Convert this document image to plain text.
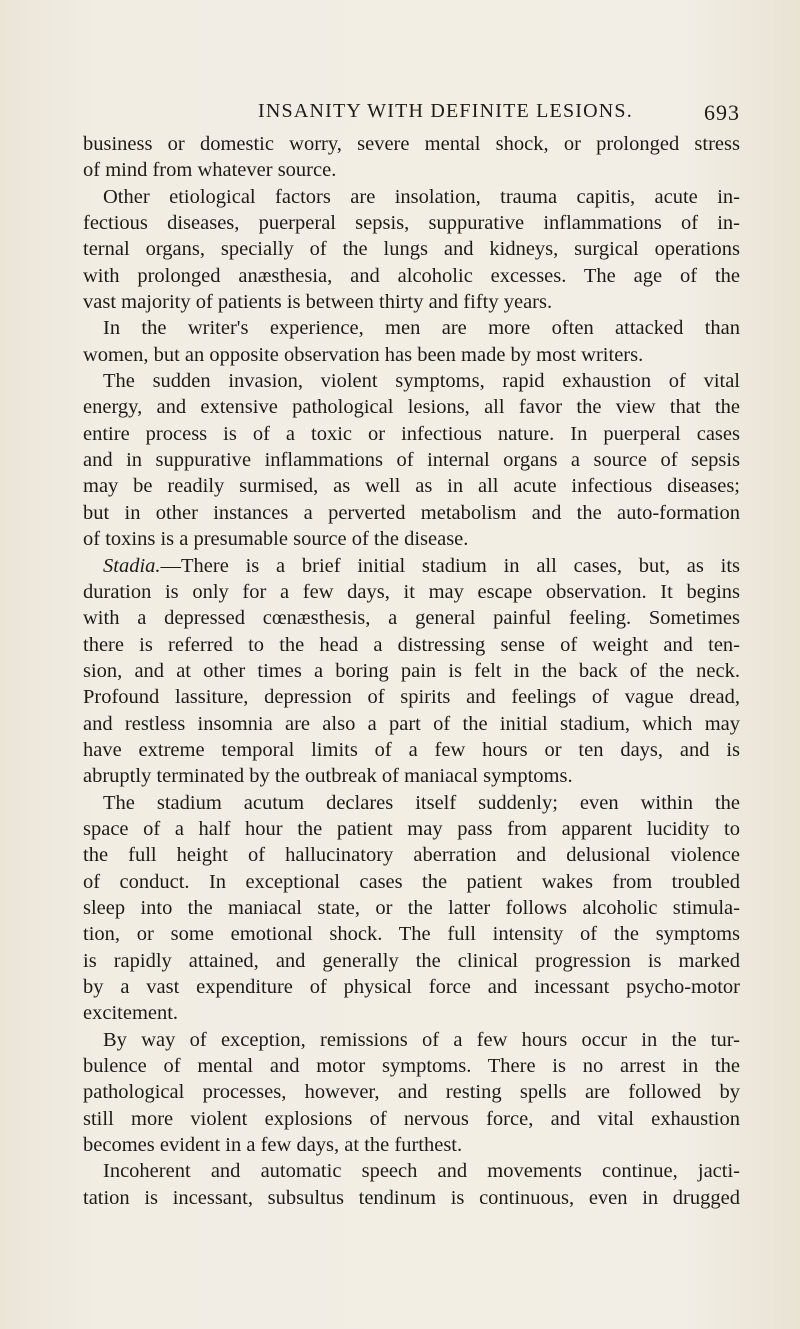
INSANITY WITH DEFINITE LESIONS.	693
business or domestic worry, severe mental shock, or prolonged stress
of mind from whatever source.
Other etiological factors are insolation, trauma capitis, acute in-
fectious diseases, puerperal sepsis, suppurative inflammations of in-
ternal organs, specially of the lungs and kidneys, surgical operations
with prolonged anæsthesia, and alcoholic excesses. The age of the
vast majority of patients is between thirty and fifty years.
In the writer's experience, men are more often attacked than
women, but an opposite observation has been made by most writers.
The sudden invasion, violent symptoms, rapid exhaustion of vital
energy, and extensive pathological lesions, all favor the view that the
entire process is of a toxic or infectious nature. In puerperal cases
and in suppurative inflammations of internal organs a source of sepsis
may be readily surmised, as well as in all acute infectious diseases;
but in other instances a perverted metabolism and the auto-formation
of toxins is a presumable source of the disease.
Stadia.—There is a brief initial stadium in all cases, but, as its
duration is only for a few days, it may escape observation. It begins
with a depressed cœnæsthesis, a general painful feeling. Sometimes
there is referred to the head a distressing sense of weight and ten-
sion, and at other times a boring pain is felt in the back of the neck.
Profound lassiture, depression of spirits and feelings of vague dread,
and restless insomnia are also a part of the initial stadium, which may
have extreme temporal limits of a few hours or ten days, and is
abruptly terminated by the outbreak of maniacal symptoms.
The stadium acutum declares itself suddenly; even within the
space of a half hour the patient may pass from apparent lucidity to
the full height of hallucinatory aberration and delusional violence
of conduct. In exceptional cases the patient wakes from troubled
sleep into the maniacal state, or the latter follows alcoholic stimula-
tion, or some emotional shock. The full intensity of the symptoms
is rapidly attained, and generally the clinical progression is marked
by a vast expenditure of physical force and incessant psycho-motor
excitement.
By way of exception, remissions of a few hours occur in the tur-
bulence of mental and motor symptoms. There is no arrest in the
pathological processes, however, and resting spells are followed by
still more violent explosions of nervous force, and vital exhaustion
becomes evident in a few days, at the furthest.
Incoherent and automatic speech and movements continue, jacti-
tation is incessant, subsultus tendinum is continuous, even in drugged
